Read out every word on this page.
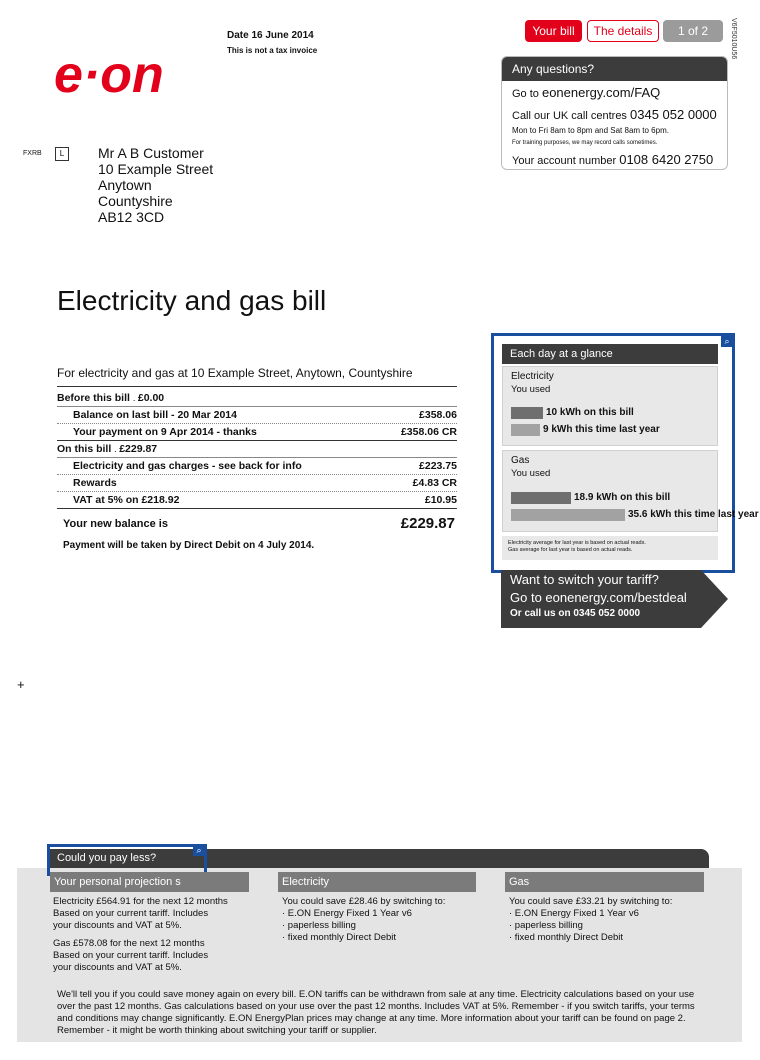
e·on
Date 16 June 2014
This is not a tax invoice
Your bill	The details	1 of 2	V6F5010U56
Any questions?
Go to eonenergy.com/FAQ
Call our UK call centres 0345 052 0000
Mon to Fri 8am to 8pm and Sat 8am to 6pm.
For training purposes, we may record calls sometimes.
Your account number 0108 6420 2750
FXRB	L	Mr A B Customer
10 Example Street
Anytown
Countyshire
AB12 3CD
Electricity and gas bill
For electricity and gas at 10 Example Street, Anytown, Countyshire
Before this bill . £0.00
Balance on last bill - 20 Mar 2014	£358.06
Your payment on 9 Apr 2014 - thanks	£358.06 CR
On this bill . £229.87
Electricity and gas charges - see back for info	£223.75
Rewards	£4.83 CR
VAT at 5% on £218.92	£10.95
Your new balance is	£229.87
Payment will be taken by Direct Debit on 4 July 2014.
⌕
Each day at a glance
Electricity
You used
10 kWh on this bill
9 kWh this time last year
Gas
You used
18.9 kWh on this bill
35.6 kWh this time last year
Electricity average for last year is based on actual reads.
Gas average for last year is based on actual reads.
Want to switch your tariff?
Go to eonenergy.com/bestdeal
Or call us on 0345 052 0000
+
Could you pay less?
⌕
Your personal projection s	Electricity	Gas
Electricity £564.91 for the next 12 months
Based on your current tariff. Includes
your discounts and VAT at 5%.
Gas £578.08 for the next 12 months
Based on your current tariff. Includes
your discounts and VAT at 5%.
You could save £28.46 by switching to:
· E.ON Energy Fixed 1 Year v6
· paperless billing
· fixed monthly Direct Debit
You could save £33.21 by switching to:
· E.ON Energy Fixed 1 Year v6
· paperless billing
· fixed monthly Direct Debit
We'll tell you if you could save money again on every bill. E.ON tariffs can be withdrawn from sale at any time. Electricity calculations based on your use over the past 12 months. Gas calculations based on your use over the past 12 months. Includes VAT at 5%. Remember - if you switch tariffs, your terms and conditions may change significantly. E.ON EnergyPlan prices may change at any time. More information about your tariff can be found on page 2. Remember - it might be worth thinking about switching your tariff or supplier.
